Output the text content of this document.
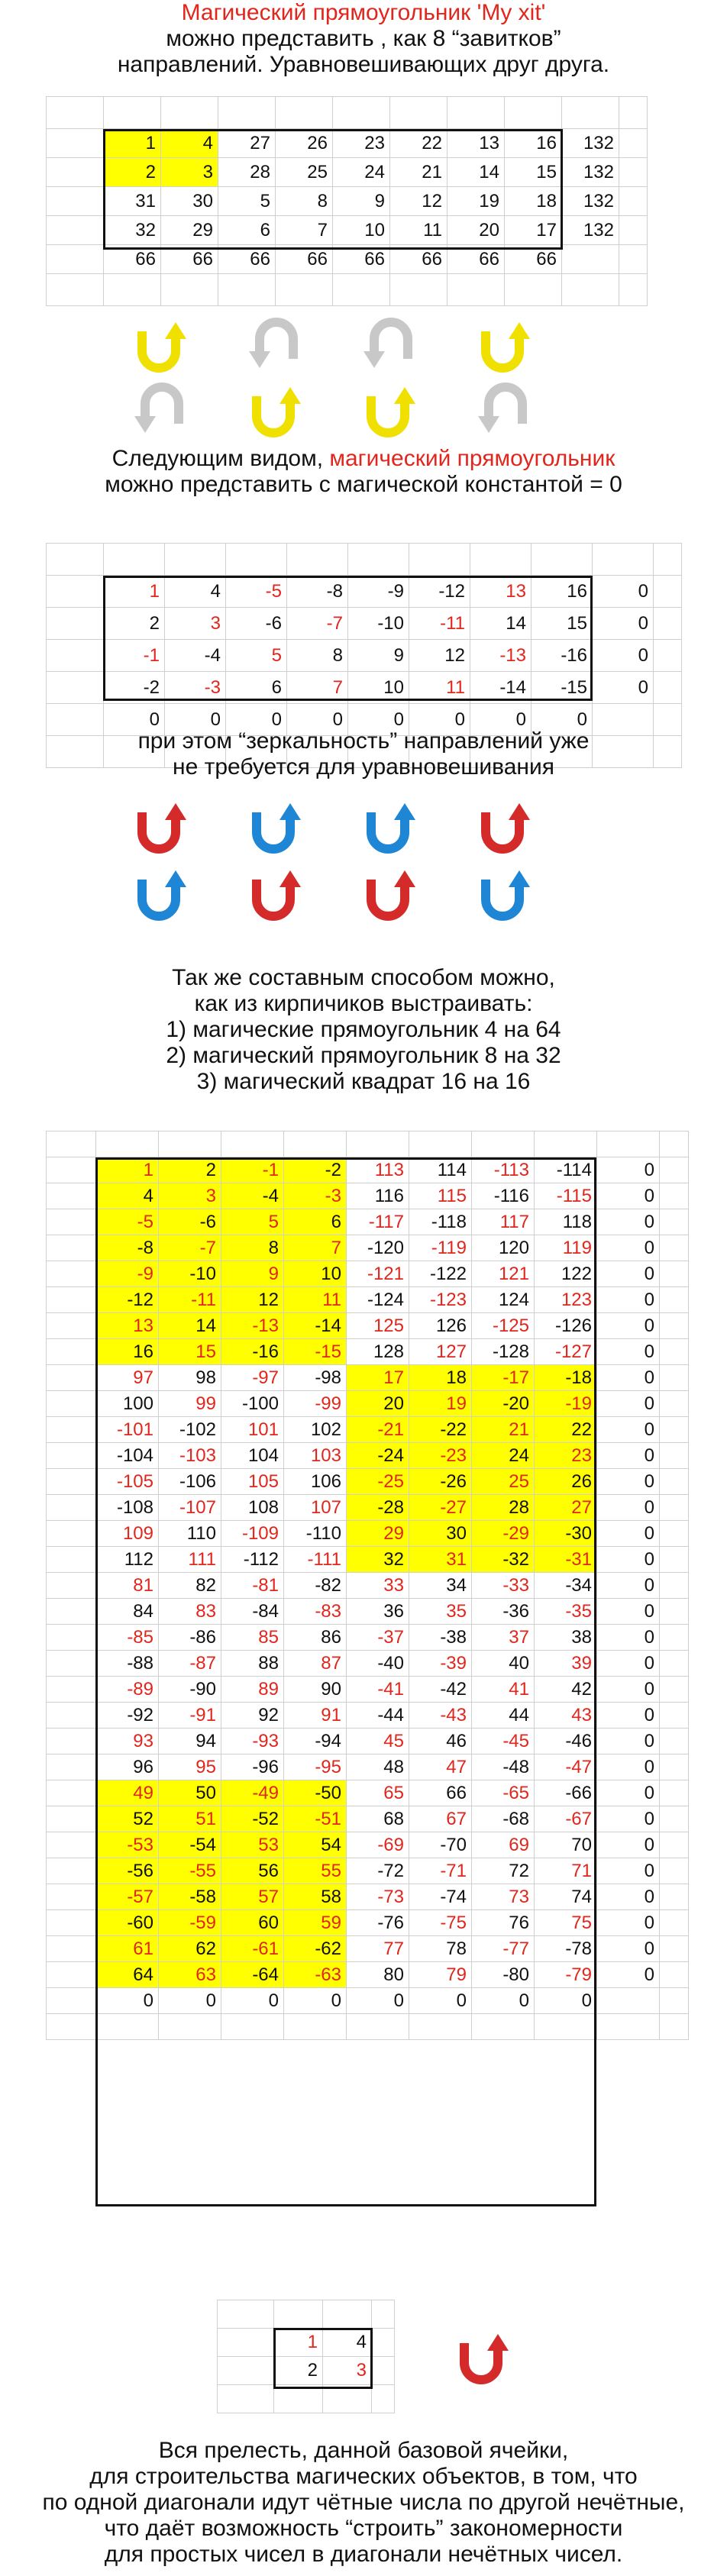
Магический прямоугольник 'My xit'
можно представить , как 8 “завитков”
направлений. Уравновешивающих друг друга.

	1	4	27	26	23	22	13	16	132	
	2	3	28	25	24	21	14	15	132	
	31	30	5	8	9	12	19	18	132	
	32	29	6	7	10	11	20	17	132	
	66	66	66	66	66	66	66	66		

Следующим видом, магический прямоугольник
можно представить с магической константой = 0

	1	4	-5	-8	-9	-12	13	16	0	
	2	3	-6	-7	-10	-11	14	15	0	
	-1	-4	5	8	9	12	-13	-16	0	
	-2	-3	6	7	10	11	-14	-15	0	
	0	0	0	0	0	0	0	0		

при этом “зеркальность” направлений уже
не требуется для уравновешивания
Так же составным способом можно,
как из кирпичиков выстраивать:
1) магические прямоугольник 4 на 64
2) магический прямоугольник 8 на 32
3) магический квадрат 16 на 16

	1	2	-1	-2	113	114	-113	-114	0	
	4	3	-4	-3	116	115	-116	-115	0	
	-5	-6	5	6	-117	-118	117	118	0	
	-8	-7	8	7	-120	-119	120	119	0	
	-9	-10	9	10	-121	-122	121	122	0	
	-12	-11	12	11	-124	-123	124	123	0	
	13	14	-13	-14	125	126	-125	-126	0	
	16	15	-16	-15	128	127	-128	-127	0	
	97	98	-97	-98	17	18	-17	-18	0	
	100	99	-100	-99	20	19	-20	-19	0	
	-101	-102	101	102	-21	-22	21	22	0	
	-104	-103	104	103	-24	-23	24	23	0	
	-105	-106	105	106	-25	-26	25	26	0	
	-108	-107	108	107	-28	-27	28	27	0	
	109	110	-109	-110	29	30	-29	-30	0	
	112	111	-112	-111	32	31	-32	-31	0	
	81	82	-81	-82	33	34	-33	-34	0	
	84	83	-84	-83	36	35	-36	-35	0	
	-85	-86	85	86	-37	-38	37	38	0	
	-88	-87	88	87	-40	-39	40	39	0	
	-89	-90	89	90	-41	-42	41	42	0	
	-92	-91	92	91	-44	-43	44	43	0	
	93	94	-93	-94	45	46	-45	-46	0	
	96	95	-96	-95	48	47	-48	-47	0	
	49	50	-49	-50	65	66	-65	-66	0	
	52	51	-52	-51	68	67	-68	-67	0	
	-53	-54	53	54	-69	-70	69	70	0	
	-56	-55	56	55	-72	-71	72	71	0	
	-57	-58	57	58	-73	-74	73	74	0	
	-60	-59	60	59	-76	-75	76	75	0	
	61	62	-61	-62	77	78	-77	-78	0	
	64	63	-64	-63	80	79	-80	-79	0	
	0	0	0	0	0	0	0	0		

	1	4	
	2	3	

Вся прелесть, данной базовой ячейки,
для строительства магических объектов, в том, что
по одной диагонали идут чётные числа по другой нечётные,
что даёт возможность “строить” закономерности
для простых чисел в диагонали нечётных чисел.
